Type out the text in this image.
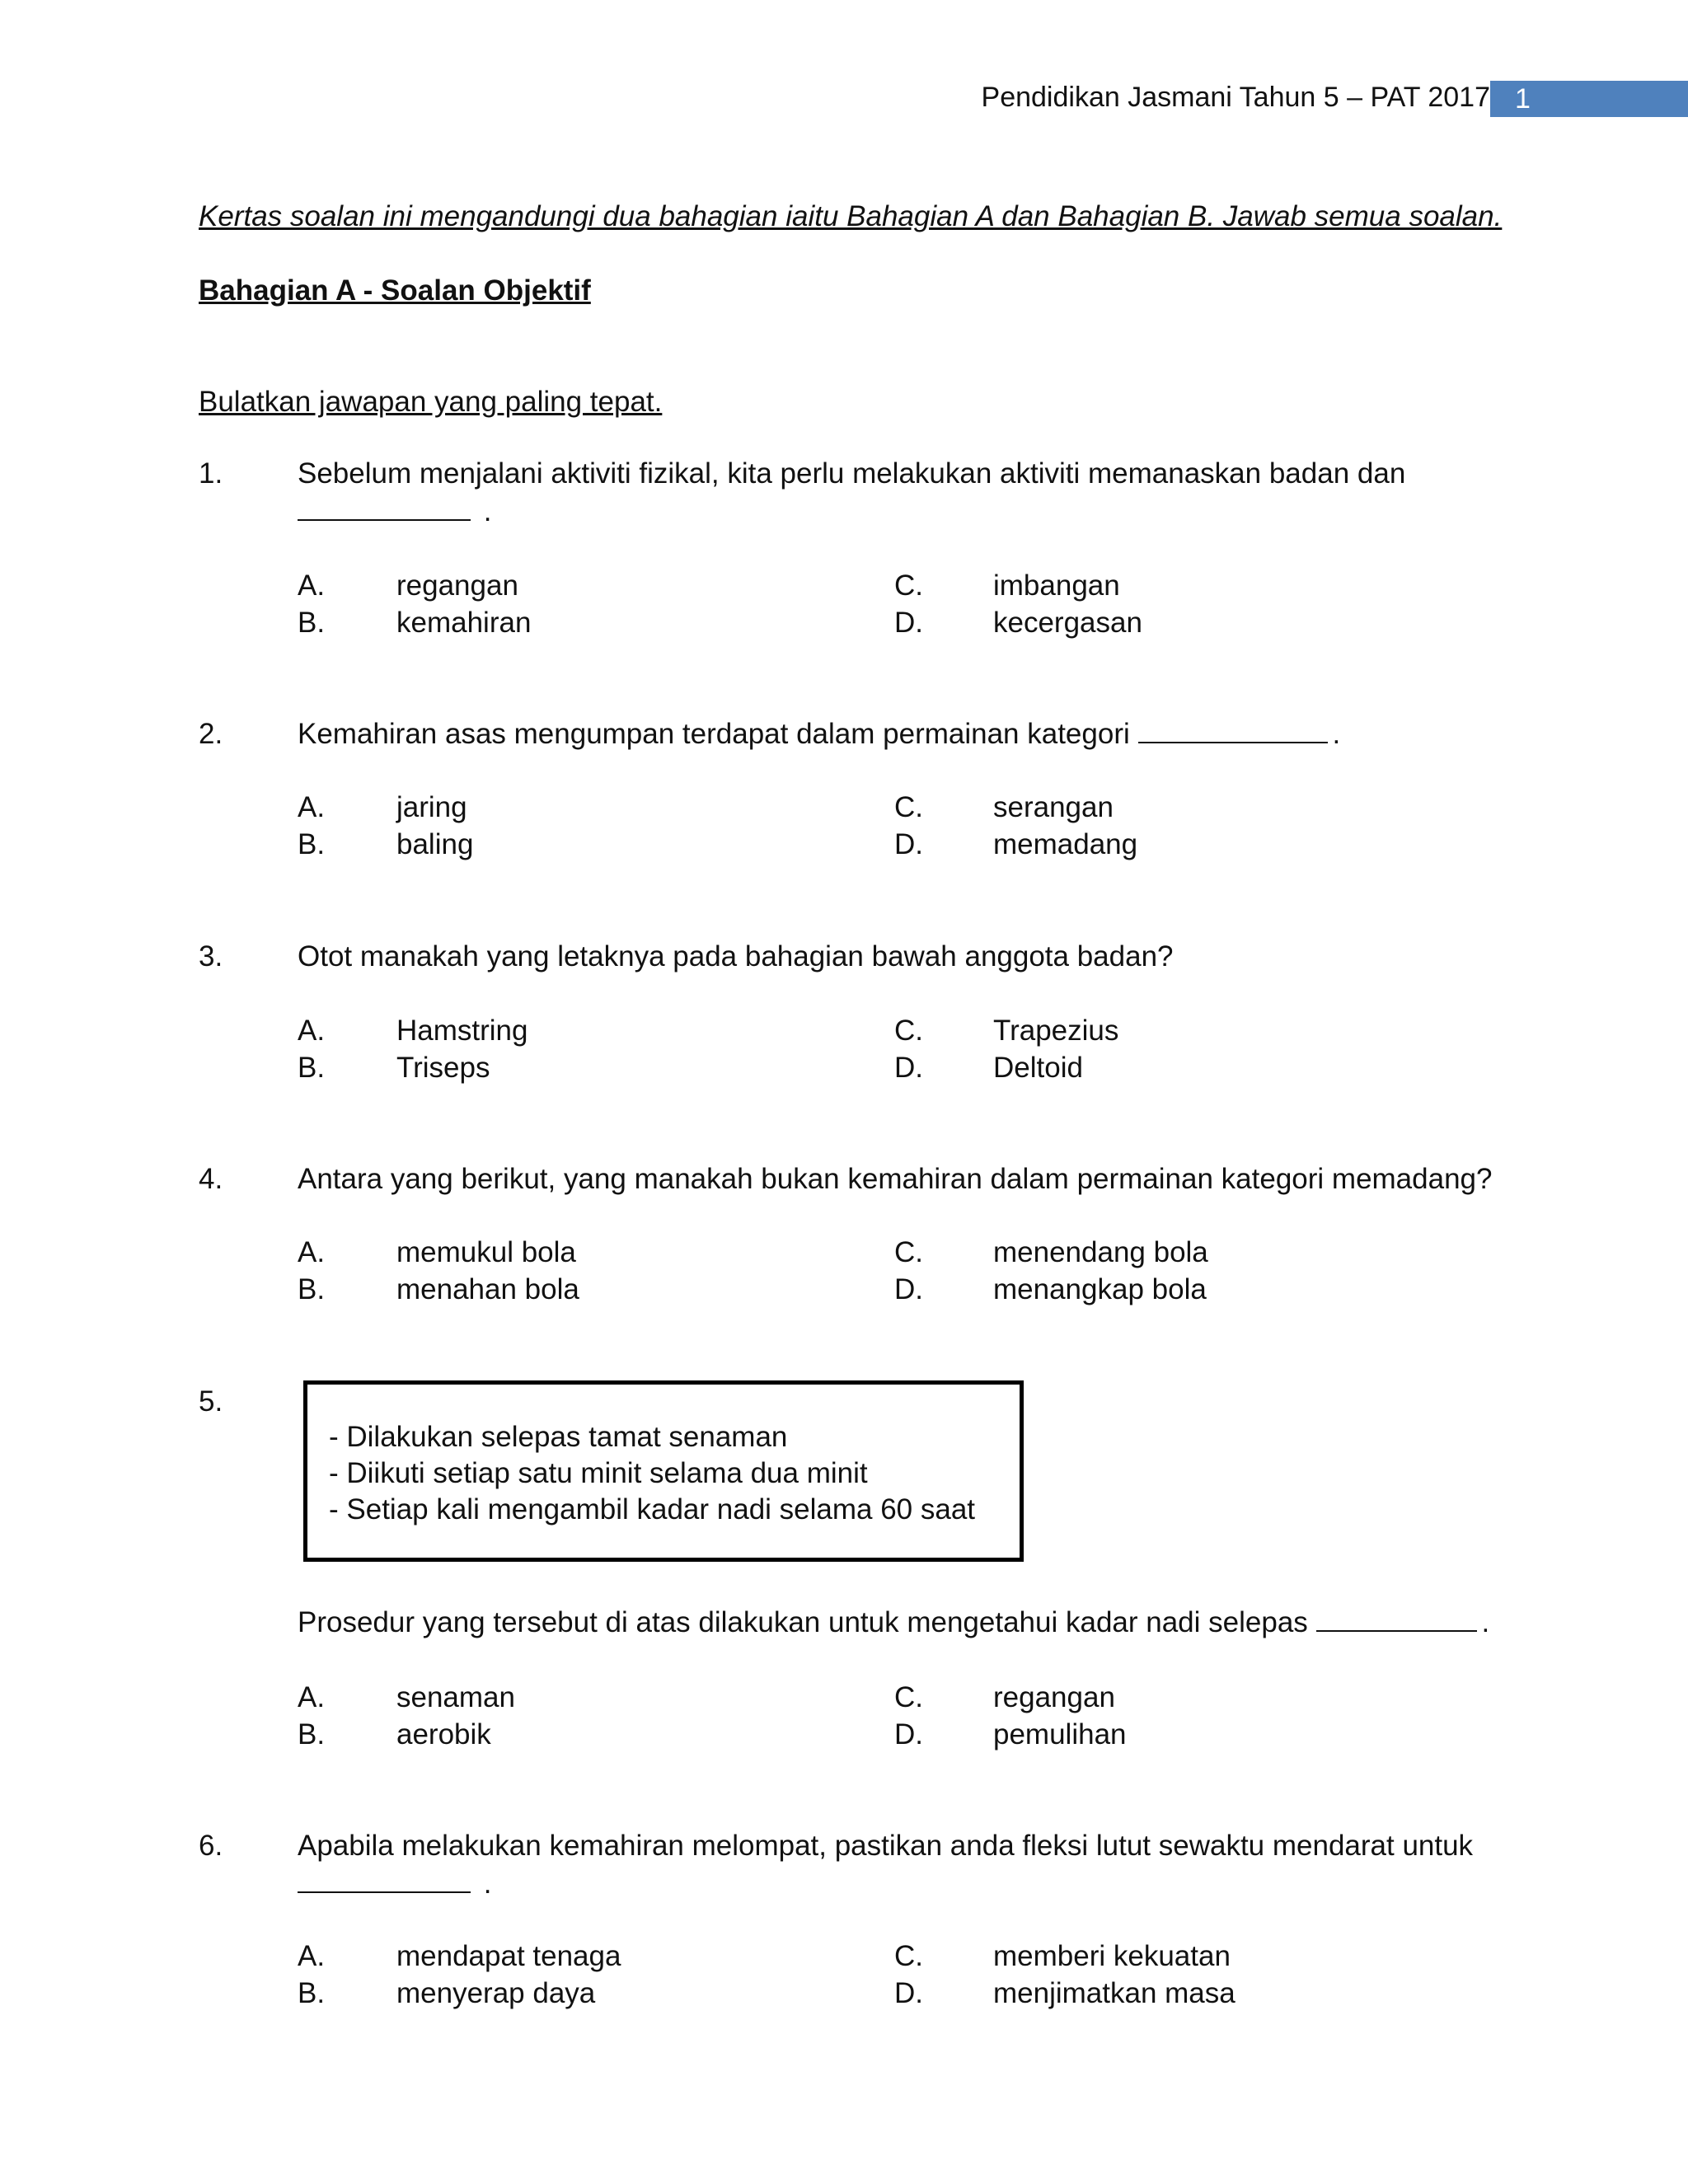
Pendidikan Jasmani Tahun 5 – PAT 2017 1
Kertas soalan ini mengandungi dua bahagian iaitu Bahagian A dan Bahagian B. Jawab semua soalan.
Bahagian A - Soalan Objektif
Bulatkan jawapan yang paling tepat.
1.	Sebelum menjalani aktiviti fizikal, kita perlu melakukan aktiviti memanaskan badan dan
.
A. regangan
B. kemahiran
C. imbangan
D. kecergasan
2.	Kemahiran asas mengumpan terdapat dalam permainan kategori	.
A. jaring
B. baling
C. serangan
D. memadang
3.	Otot manakah yang letaknya pada bahagian bawah anggota badan?
A. Hamstring
B. Triseps
C. Trapezius
D. Deltoid
4.	Antara yang berikut, yang manakah bukan kemahiran dalam permainan kategori memadang?
A. memukul bola
B. menahan bola
C. menendang bola
D. menangkap bola
5.
- Dilakukan selepas tamat senaman
- Diikuti setiap satu minit selama dua minit
- Setiap kali mengambil kadar nadi selama 60 saat
Prosedur yang tersebut di atas dilakukan untuk mengetahui kadar nadi selepas	.
A. senaman
B. aerobik
C. regangan
D. pemulihan
6.	Apabila melakukan kemahiran melompat, pastikan anda fleksi lutut sewaktu mendarat untuk
.
A. mendapat tenaga
B. menyerap daya
C. memberi kekuatan
D. menjimatkan masa
